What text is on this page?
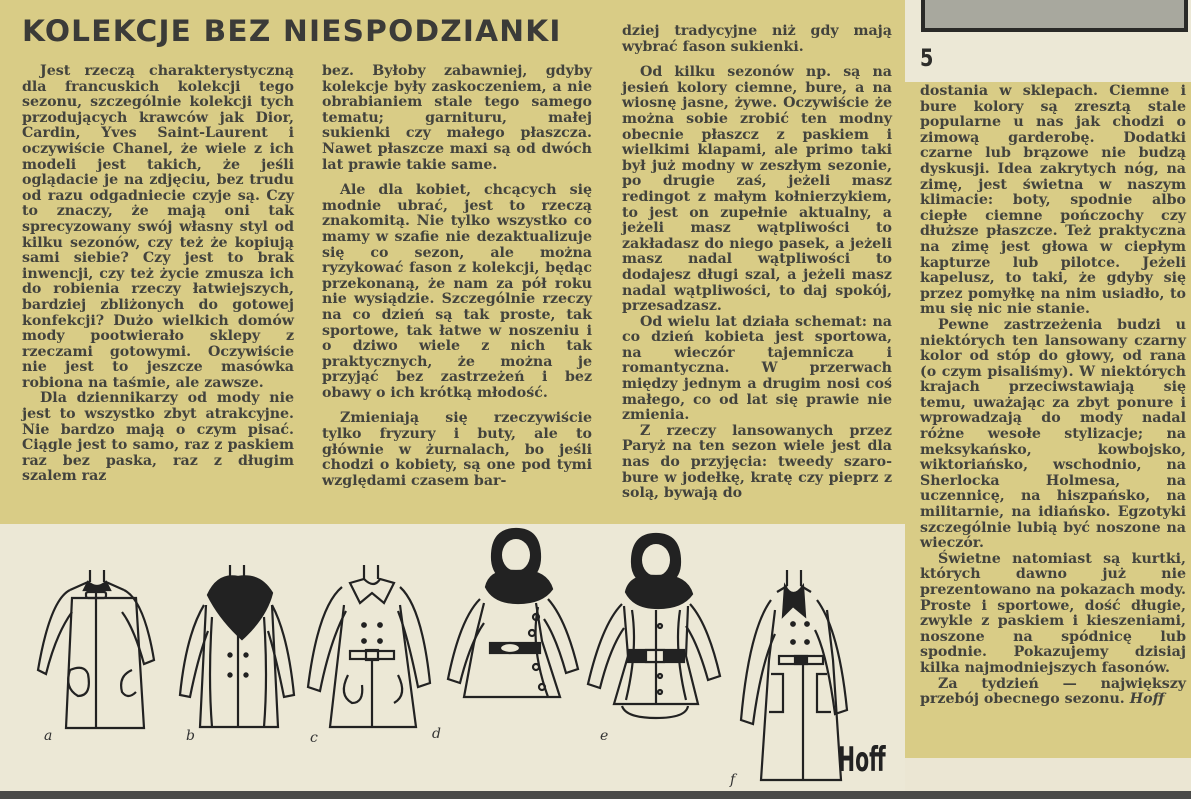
5
KOLEKCJE BEZ NIESPODZIANKI

Jest rzeczą charakterystyczną dla francuskich kolekcji tego sezonu, szczególnie kolekcji tych przodujących krawców jak Dior, Cardin, Yves Saint-Laurent i oczywiście Chanel, że wiele z ich modeli jest takich, że jeśli oglądacie je na zdjęciu, bez trudu od razu odgadniecie czyje są. Czy to znaczy, że mają oni tak sprecyzowany swój własny styl od kilku sezonów, czy też że kopiują sami siebie? Czy jest to brak inwencji, czy też życie zmusza ich do robienia rzeczy łatwiejszych, bardziej zbliżonych do gotowej konfekcji? Dużo wielkich domów mody pootwierało sklepy z rzeczami gotowymi. Oczywiście nie jest to jeszcze masówka robiona na taśmie, ale zawsze.

Dla dziennikarzy od mody nie jest to wszystko zbyt atrakcyjne. Nie bardzo mają o czym pisać. Ciągle jest to samo, raz z paskiem raz bez paska, raz z długim szalem raz

bez. Byłoby zabawniej, gdyby kolekcje były zaskoczeniem, a nie obrabianiem stale tego samego tematu; garnituru, małej sukienki czy małego płaszcza. Nawet płaszcze maxi są od dwóch lat prawie takie same.

Ale dla kobiet, chcących się modnie ubrać, jest to rzeczą znakomitą. Nie tylko wszystko co mamy w szafie nie dezaktualizuje się co sezon, ale można ryzykować fason z kolekcji, będąc przekonaną, że nam za pół roku nie wysiądzie. Szczególnie rzeczy na co dzień są tak proste, tak sportowe, tak łatwe w noszeniu i o dziwo wiele z nich tak praktycznych, że można je przyjąć bez zastrzeżeń i bez obawy o ich krótką młodość.

Zmieniają się rzeczywiście tylko fryzury i buty, ale to głównie w żurnalach, bo jeśli chodzi o kobiety, są one pod tymi względami czasem bar-

dziej tradycyjne niż gdy mają wybrać fason sukienki.

Od kilku sezonów np. są na jesień kolory ciemne, bure, a na wiosnę jasne, żywe. Oczywiście że można sobie zrobić ten modny obecnie płaszcz z paskiem i wielkimi klapami, ale primo taki był już modny w zeszłym sezonie, po drugie zaś, jeżeli masz redingot z małym kołnierzykiem, to jest on zupełnie aktualny, a jeżeli masz wątpliwości to zakładasz do niego pasek, a jeżeli masz nadal wątpliwości to dodajesz długi szal, a jeżeli masz nadal wątpliwości, to daj spokój, przesadzasz.

Od wielu lat działa schemat: na co dzień kobieta jest sportowa, na wieczór tajemnicza i romantyczna. W przerwach między jednym a drugim nosi coś małego, co od lat się prawie nie zmienia.

Z rzeczy lansowanych przez Paryż na ten sezon wiele jest dla nas do przyjęcia: tweedy szaro-bure w jodełkę, kratę czy pieprz z solą, bywają do

dostania w sklepach. Ciemne i bure kolory są zresztą stale popularne u nas jak chodzi o zimową garderobę. Dodatki czarne lub brązowe nie budzą dyskusji. Idea zakrytych nóg, na zimę, jest świetna w naszym klimacie: boty, spodnie albo ciepłe ciemne pończochy czy dłuższe płaszcze. Też praktyczna na zimę jest głowa w ciepłym kapturze lub pilotce. Jeżeli kapelusz, to taki, że gdyby się przez pomyłkę na nim usiadło, to mu się nic nie stanie.

Pewne zastrzeżenia budzi u niektórych ten lansowany czarny kolor od stóp do głowy, od rana (o czym pisaliśmy). W niektórych krajach przeciwstawiają się temu, uważając za zbyt ponure i wprowadzają do mody nadal różne wesołe stylizacje; na meksykańsko, kowbojsko, wiktoriańsko, wschodnio, na Sherlocka Holmesa, na uczennicę, na hiszpańsko, na militarnie, na idiańsko. Egzotyki szczególnie lubią być noszone na wieczór.

Świetne natomiast są kurtki, których dawno już nie prezentowano na pokazach mody. Proste i sportowe, dość długie, zwykle z paskiem i kieszeniami, noszone na spódnicę lub spodnie. Pokazujemy dzisiaj kilka najmodniejszych fasonów.

Za tydzień — największy przebój obecnego sezonu. Hoff

a	b	c	d	e
f	Hoff
